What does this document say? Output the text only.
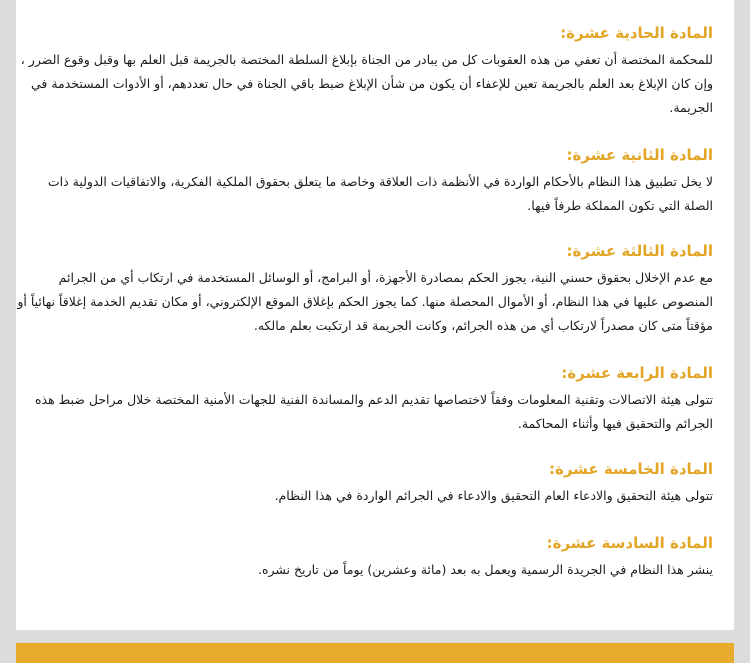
المادة الحادية عشرة:

للمحكمة المختصة أن تعفي من هذه العقوبات كل من يبادر من الجناة بإبلاغ السلطة المختصة بالجريمة قبل العلم بها وقبل وقوع الضرر ، وإن كان الإبلاغ بعد العلم بالجريمة تعين للإعفاء أن يكون من شأن الإبلاغ ضبط باقي الجناة في حال تعددهم، أو الأدوات المستخدمة في الجريمة.

المادة الثانية عشرة:

لا يخل تطبيق هذا النظام بالأحكام الواردة في الأنظمة ذات العلاقة وخاصة ما يتعلق بحقوق الملكية الفكرية، والاتفاقيات الدولية ذات الصلة التي تكون المملكة طرفاً فيها.

المادة الثالثة عشرة:

مع عدم الإخلال بحقوق حسني النية، يجوز الحكم بمصادرة الأجهزة، أو البرامج، أو الوسائل المستخدمة في ارتكاب أي من الجرائم المنصوص عليها في هذا النظام، أو الأموال المحصلة منها. كما يجوز الحكم بإغلاق الموقع الإلكتروني، أو مكان تقديم الخدمة إغلاقاً نهائياً أو مؤقتاً متى كان مصدراً لارتكاب أي من هذه الجرائم، وكانت الجريمة قد ارتكبت بعلم مالكه.

المادة الرابعة عشرة:

تتولى هيئة الاتصالات وتقنية المعلومات وفقاً لاختصاصها تقديم الدعم والمساندة الفنية للجهات الأمنية المختصة خلال مراحل ضبط هذه الجرائم والتحقيق فيها وأثناء المحاكمة.

المادة الخامسة عشرة:

تتولى هيئة التحقيق والادعاء العام التحقيق والادعاء في الجرائم الواردة في هذا النظام.

المادة السادسة عشرة:

ينشر هذا النظام في الجريدة الرسمية ويعمل به بعد (مائة وعشرين) يوماً من تاريخ نشره.
